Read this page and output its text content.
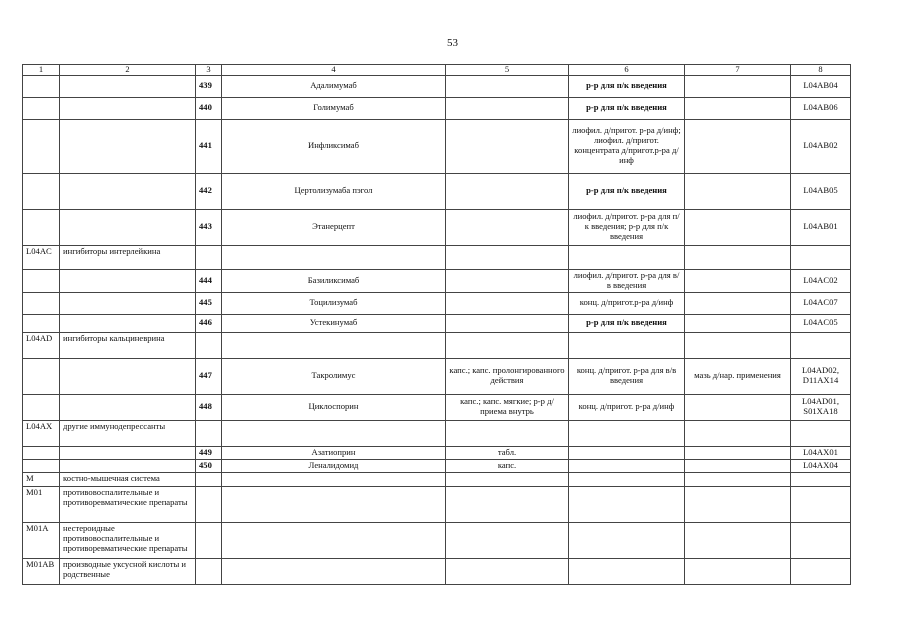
53
1	2	3	4	5	6	7	8
		439	Адалимумаб		р-р для п/к введения		L04AB04
		440	Голимумаб		р-р для п/к введения		L04AB06
		441	Инфликсимаб		лиофил. д/пригот. р-ра д/инф; лиофил. д/пригот. концентрата д/пригот.р-ра д/инф		L04AB02
		442	Цертолизумаба пэгол		р-р для п/к введения		L04AB05
		443	Этанерцепт		лиофил. д/пригот. р-ра для п/к введения; р-р для п/к введения		L04AB01
L04AC	ингибиторы интерлейкина						
		444	Базиликсимаб		лиофил. д/пригот. р-ра для в/в введения		L04AC02
		445	Тоцилизумаб		конц. д/пригот.р-ра д/инф		L04AC07
		446	Устекинумаб		р-р для п/к введения		L04AC05
L04AD	ингибиторы кальциневрина						
		447	Такролимус	капс.; капс. пролонгированного действия	конц. д/пригот. р-ра для в/в введения	мазь д/нар. применения	L04AD02, D11AX14
		448	Циклоспорин	капс.; капс. мягкие; р-р д/приема внутрь	конц. д/пригот. р-ра д/инф		L04AD01, S01XA18
L04AX	другие иммунодепрессанты						
		449	Азатиоприн	табл.			L04AX01
		450	Леналидомид	капс.			L04AX04
M	костно-мышечная система						
M01	противовоспалительные и противоревматические препараты						
M01A	нестероидные противовоспалительные и противоревматические препараты						
M01AB	производные уксусной кислоты и родственные						
